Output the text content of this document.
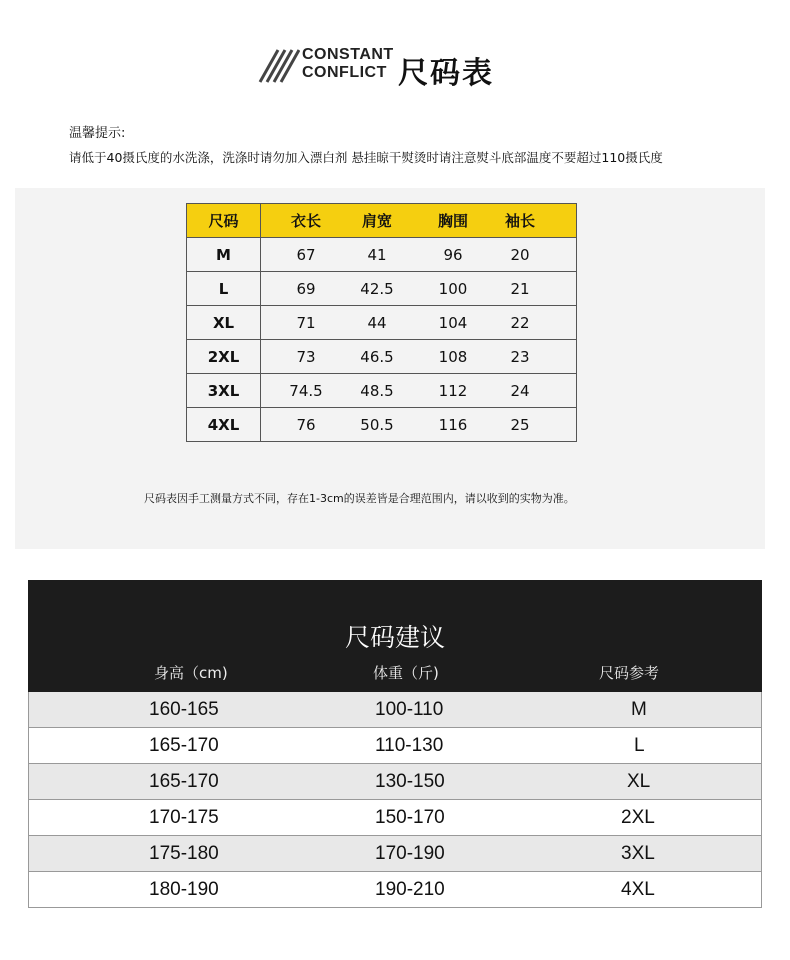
CONSTANT
CONFLICT 尺码表
温馨提示:
请低于40摄氏度的水洗涤，洗涤时请勿加入漂白剂 悬挂晾干熨烫时请注意熨斗底部温度不要超过110摄氏度
尺码	衣长 肩宽 胸围 袖长

M	67 41 96 20

L	69 42.5 100 21

XL	71 44 104 22

2XL	73 46.5 108 23

3XL	74.5 48.5 112 24

4XL	76 50.5 116 25
尺码表因手工测量方式不同，存在1-3cm的误差皆是合理范围内，请以收到的实物为准。
尺码建议
身高（cm)	体重（斤)	尺码参考
160-165	100-110	M
165-170	110-130	L
165-170	130-150	XL
170-175	150-170	2XL
175-180	170-190	3XL
180-190	190-210	4XL
